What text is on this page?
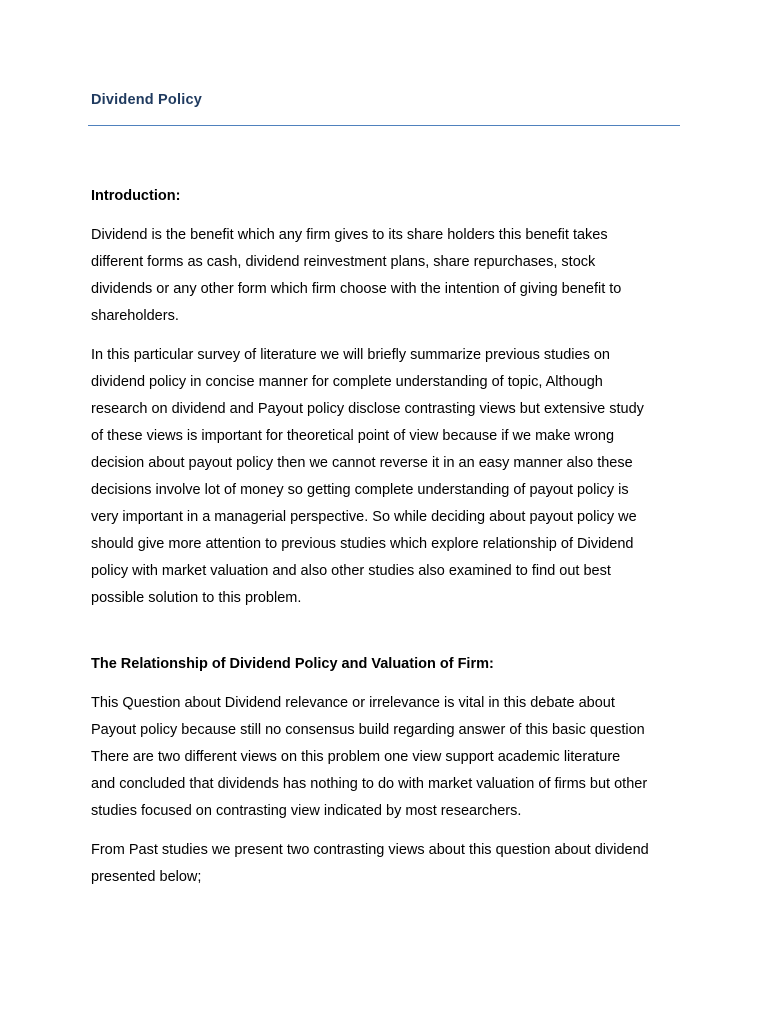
Dividend Policy
Introduction:

Dividend is the benefit which any firm gives to its share holders this benefit takes
different forms as cash, dividend reinvestment plans, share repurchases, stock
dividends or any other form which firm choose with the intention of giving benefit to
shareholders.

In this particular survey of literature we will briefly summarize previous studies on
dividend policy in concise manner for complete understanding of topic, Although
research on dividend and Payout policy disclose contrasting views but extensive study
of these views is important for theoretical point of view because if we make wrong
decision about payout policy then we cannot reverse it in an easy manner also these
decisions involve lot of money so getting complete understanding of payout policy is
very important in a managerial perspective. So while deciding about payout policy we
should give more attention to previous studies which explore relationship of Dividend
policy with market valuation and also other studies also examined to find out best
possible solution to this problem.

The Relationship of Dividend Policy and Valuation of Firm:

This Question about Dividend relevance or irrelevance is vital in this debate about
Payout policy because still no consensus build regarding answer of this basic question
There are two different views on this problem one view support academic literature
and concluded that dividends has nothing to do with market valuation of firms but other
studies focused on contrasting view indicated by most researchers.

From Past studies we present two contrasting views about this question about dividend
presented below;
